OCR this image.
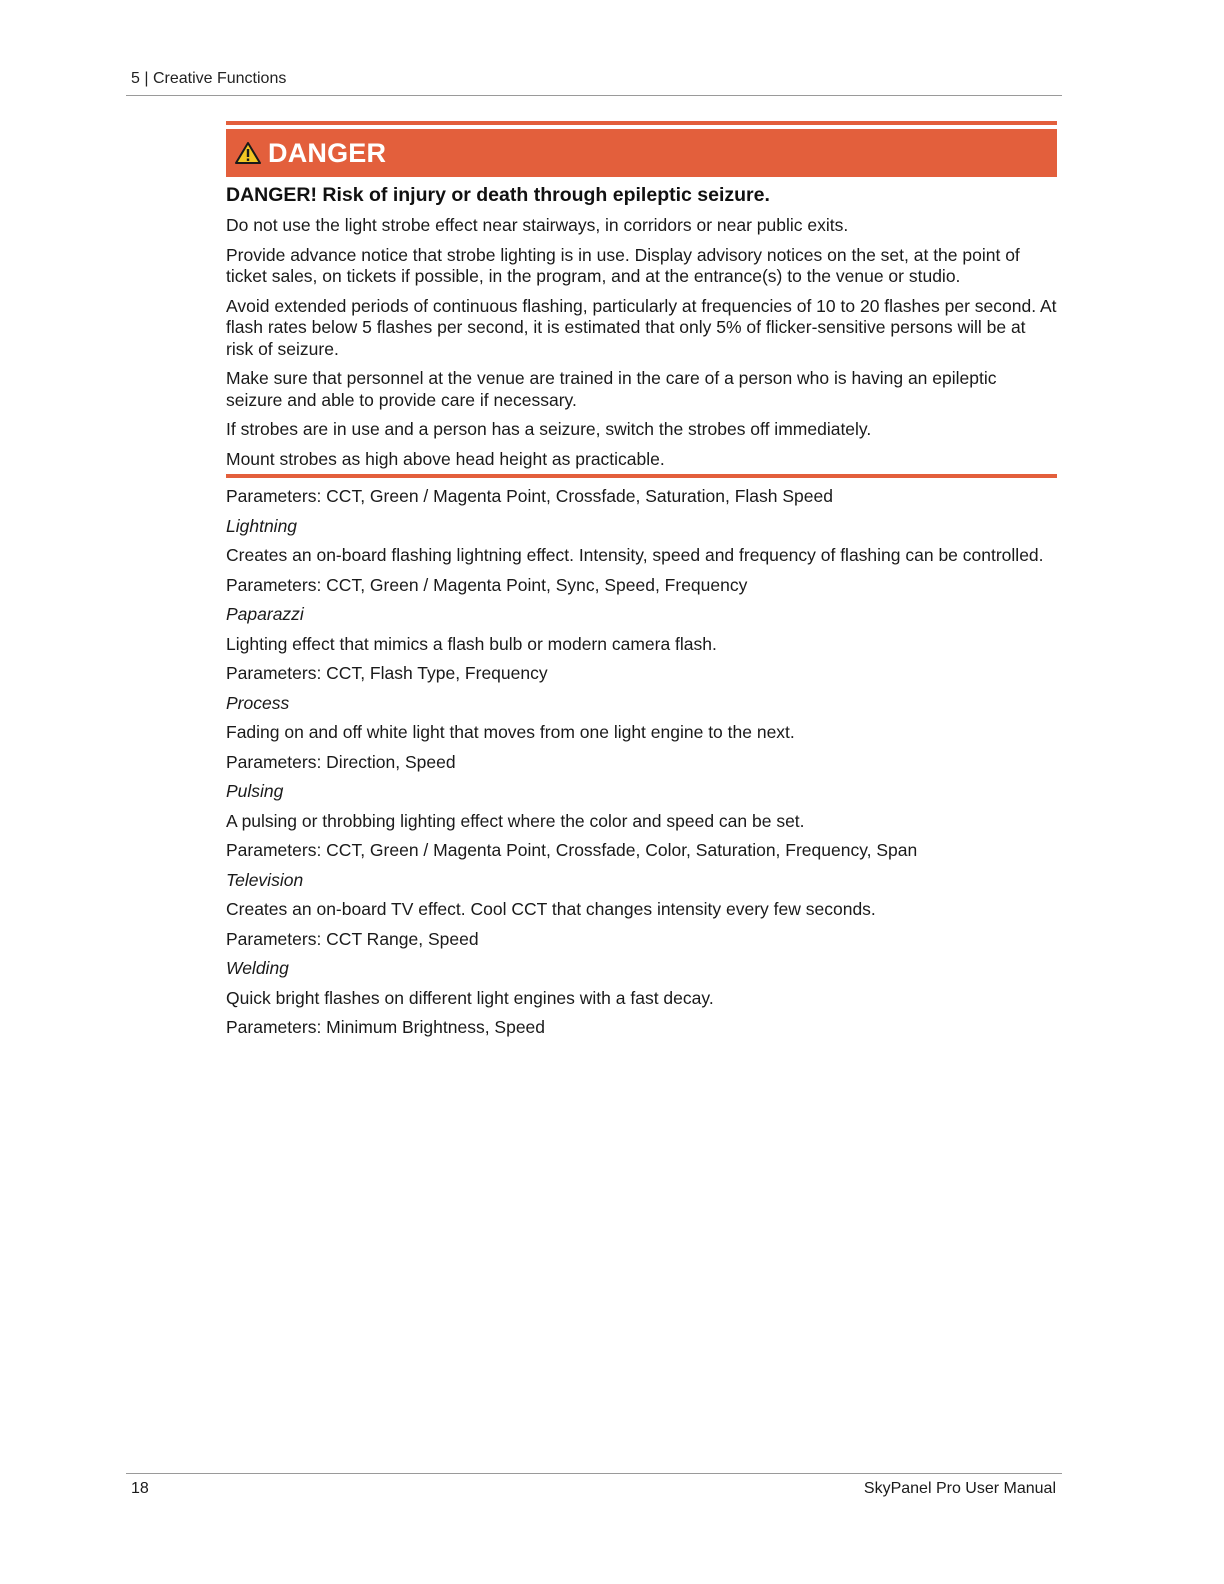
5 | Creative Functions
DANGER
DANGER! Risk of injury or death through epileptic seizure.

Do not use the light strobe effect near stairways, in corridors or near public exits.

Provide advance notice that strobe lighting is in use. Display advisory notices on the set, at the point of ticket sales, on tickets if possible, in the program, and at the entrance(s) to the venue or studio.

Avoid extended periods of continuous flashing, particularly at frequencies of 10 to 20 flashes per second. At flash rates below 5 flashes per second, it is estimated that only 5% of flicker-sensitive persons will be at risk of seizure.

Make sure that personnel at the venue are trained in the care of a person who is having an epileptic seizure and able to provide care if necessary.

If strobes are in use and a person has a seizure, switch the strobes off immediately.

Mount strobes as high above head height as practicable.

Parameters: CCT, Green / Magenta Point, Crossfade, Saturation, Flash Speed

Lightning

Creates an on-board flashing lightning effect. Intensity, speed and frequency of flashing can be controlled.

Parameters: CCT, Green / Magenta Point, Sync, Speed, Frequency

Paparazzi

Lighting effect that mimics a flash bulb or modern camera flash.

Parameters: CCT, Flash Type, Frequency

Process

Fading on and off white light that moves from one light engine to the next.

Parameters: Direction, Speed

Pulsing

A pulsing or throbbing lighting effect where the color and speed can be set.

Parameters: CCT, Green / Magenta Point, Crossfade, Color, Saturation, Frequency, Span

Television

Creates an on-board TV effect. Cool CCT that changes intensity every few seconds.

Parameters: CCT Range, Speed

Welding

Quick bright flashes on different light engines with a fast decay.

Parameters: Minimum Brightness, Speed

18	SkyPanel Pro User Manual
